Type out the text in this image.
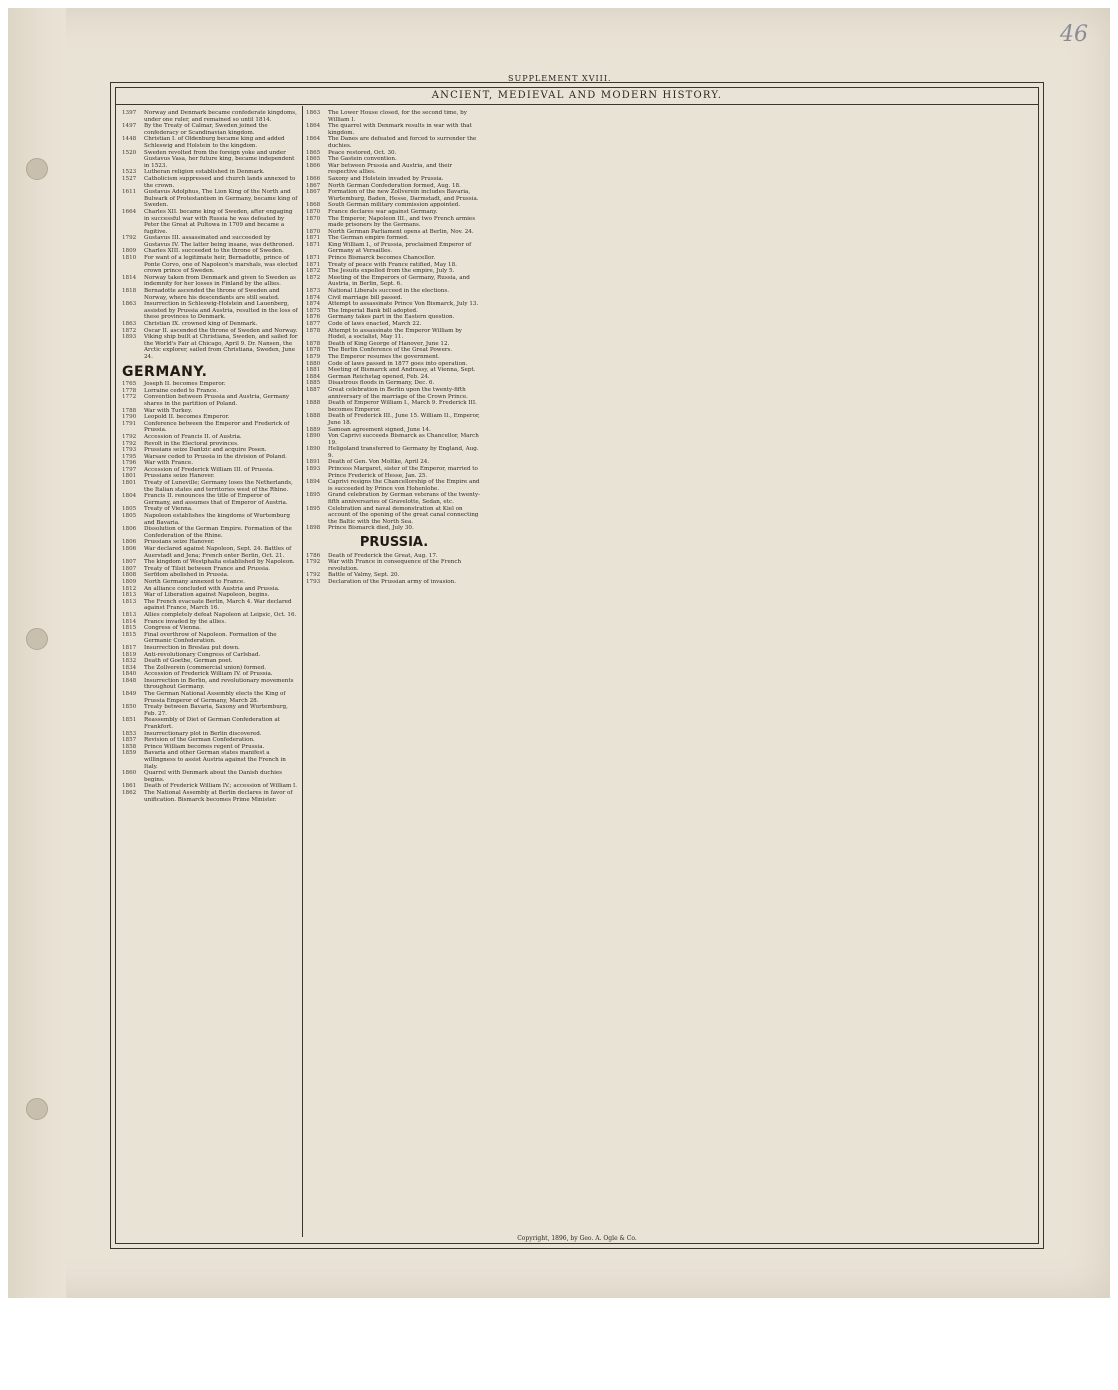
46
SUPPLEMENT XVIII.
ANCIENT, MEDIEVAL AND MODERN HISTORY.
1397	Norway and Denmark became confederate kingdoms, under one ruler, and remained so until 1814.
1497	By the Treaty of Calmar, Sweden joined the confederacy or Scandinavian kingdom.
1448	Christian I. of Oldenburg became king and added Schleswig and Holstein to the kingdom.
1520	Sweden revolted from the foreign yoke and under Gustavus Vasa, her future king, became independent in 1523.
1523	Lutheran religion established in Denmark.
1527	Catholicism suppressed and church lands annexed to the crown.
1611	Gustavus Adolphus, The Lion King of the North and Bulwark of Protestantism in Germany, became king of Sweden.
1664	Charles XII. became king of Sweden, after engaging in successful war with Russia he was defeated by Peter the Great at Pultowa in 1709 and became a fugitive.
1792	Gustavus III. assassinated and succeeded by Gustavus IV. The latter being insane, was dethroned.
1809	Charles XIII. succeeded to the throne of Sweden.
1810	For want of a legitimate heir, Bernadotte, prince of Ponte Corvo, one of Napoleon's marshals, was elected crown prince of Sweden.
1814	Norway taken from Denmark and given to Sweden as indemnity for her losses in Finland by the allies.
1818	Bernadotte ascended the throne of Sweden and Norway, where his descendants are still seated.
1863	Insurrection in Schleswig-Holstein and Lauenberg, assisted by Prussia and Austria, resulted in the loss of these provinces to Denmark.
1863	Christian IX. crowned king of Denmark.
1872	Oscar II. ascended the throne of Sweden and Norway.
1893	Viking ship built at Christiana, Sweden, and sailed for the World's Fair at Chicago, April 9. Dr. Nansen, the Arctic explorer, sailed from Christiana, Sweden, June 24.
GERMANY.
1765	Joseph II. becomes Emperor.
1778	Lorraine ceded to France.
1772	Convention between Prussia and Austria, Germany shares in the partition of Poland.
1788	War with Turkey.
1790	Leopold II. becomes Emperor.
1791	Conference between the Emperor and Frederick of Prussia.
1792	Accession of Francis II. of Austria.
1792	Revolt in the Electoral provinces.
1793	Prussians seize Dantzic and acquire Posen.
1795	Warsaw ceded to Prussia in the division of Poland.
1796	War with France.
1797	Accession of Frederick William III. of Prussia.
1801	Prussians seize Hanover.
1801	Treaty of Luneville; Germany loses the Netherlands, the Italian states and territories west of the Rhine.
1804	Francis II. renounces the title of Emperor of Germany, and assumes that of Emperor of Austria.
1805	Treaty of Vienna.
1805	Napoleon establishes the kingdoms of Wurtemburg and Bavaria.
1806	Dissolution of the German Empire. Formation of the Confederation of the Rhine.
1806	Prussians seize Hanover.
1806	War declared against Napoleon, Sept. 24. Battles of Auerstadt and Jena; French enter Berlin, Oct. 21.
1807	The kingdom of Westphalia established by Napoleon.
1807	Treaty of Tilsit between France and Prussia.
1808	Serfdom abolished in Prussia.
1809	North Germany annexed to France.
1812	An alliance concluded with Austria and Prussia.
1813	War of Liberation against Napoleon, begins.
1813	The French evacuate Berlin, March 4. War declared against France, March 16.
1813	Allies completely defeat Napoleon at Leipsic, Oct. 16.
1814	France invaded by the allies.
1815	Congress of Vienna.
1815	Final overthrow of Napoleon. Formation of the Germanic Confederation.
1817	Insurrection in Breslau put down.
1819	Anti-revolutionary Congress of Carlsbad.
1832	Death of Goethe, German poet.
1834	The Zollverein (commercial union) formed.
1840	Accession of Frederick William IV. of Prussia.
1848	Insurrection in Berlin, and revolutionary movements throughout Germany.
1849	The German National Assembly elects the King of Prussia Emperor of Germany, March 28.
1850	Treaty between Bavaria, Saxony and Wurtemburg, Feb. 27.
1851	Reassembly of Diet of German Confederation at Frankfort.
1853	Insurrectionary plot in Berlin discovered.
1857	Revision of the German Confederation.
1858	Prince William becomes regent of Prussia.
1859	Bavaria and other German states manifest a willingness to assist Austria against the French in Italy.
1860	Quarrel with Denmark about the Danish duchies begins.
1861	Death of Frederick William IV.; accession of William I.
1862	The National Assembly at Berlin declares in favor of unification. Bismarck becomes Prime Minister.
1863	The Lower House closed, for the second time, by William I.
1864	The quarrel with Denmark results in war with that kingdom.
1864	The Danes are defeated and forced to surrender the duchies.
1865	Peace restored, Oct. 30.
1865	The Gastein convention.
1866	War between Prussia and Austria, and their respective allies.
1866	Saxony and Holstein invaded by Prussia.
1867	North German Confederation formed, Aug. 18.
1867	Formation of the new Zollverein includes Bavaria, Wurtemburg, Baden, Hesse, Darmstadt, and Prussia.
1868	South German military commission appointed.
1870	France declares war against Germany.
1870	The Emperor, Napoleon III., and two French armies made prisoners by the Germans.
1870	North German Parliament opens at Berlin, Nov. 24.
1871	The German empire formed.
1871	King William I., of Prussia, proclaimed Emperor of Germany at Versailles.
1871	Prince Bismarck becomes Chancellor.
1871	Treaty of peace with France ratified, May 18.
1872	The Jesuits expelled from the empire, July 5.
1872	Meeting of the Emperors of Germany, Russia, and Austria, in Berlin, Sept. 6.
1873	National Liberals succeed in the elections.
1874	Civil marriage bill passed.
1874	Attempt to assassinate Prince Von Bismarck, July 13.
1875	The Imperial Bank bill adopted.
1876	Germany takes part in the Eastern question.
1877	Code of laws enacted, March 22.
1878	Attempt to assassinate the Emperor William by Hodel, a socialist, May 11.
1878	Death of King George of Hanover, June 12.
1878	The Berlin Conference of the Great Powers.
1879	The Emperor resumes the government.
1880	Code of laws passed in 1877 goes into operation.
1881	Meeting of Bismarck and Andrassy, at Vienna, Sept.
1884	German Reichstag opened, Feb. 24.
1885	Disastrous floods in Germany, Dec. 6.
1887	Great celebration in Berlin upon the twenty-fifth anniversary of the marriage of the Crown Prince.
1888	Death of Emperor William I., March 9. Frederick III. becomes Emperor.
1888	Death of Frederick III., June 15. William II., Emperor, June 18.
1889	Samoan agreement signed, June 14.
1890	Von Caprivi succeeds Bismarck as Chancellor, March 19.
1890	Heligoland transferred to Germany by England, Aug. 9.
1891	Death of Gen. Von Moltke, April 24.
1893	Princess Margaret, sister of the Emperor, married to Prince Frederick of Hesse, Jan. 25.
1894	Caprivi resigns the Chancellorship of the Empire and is succeeded by Prince von Hohenlohe.
1895	Grand celebration by German veterans of the twenty-fifth anniversaries of Gravelotte, Sedan, etc.
1895	Celebration and naval demonstration at Kiel on account of the opening of the great canal connecting the Baltic with the North Sea.
1898	Prince Bismarck died, July 30.
PRUSSIA.
1786	Death of Frederick the Great, Aug. 17.
1792	War with France in consequence of the French revolution.
1792	Battle of Valmy, Sept. 20.
1793	Declaration of the Prussian army of invasion.
Copyright, 1896, by Geo. A. Ogle & Co.
